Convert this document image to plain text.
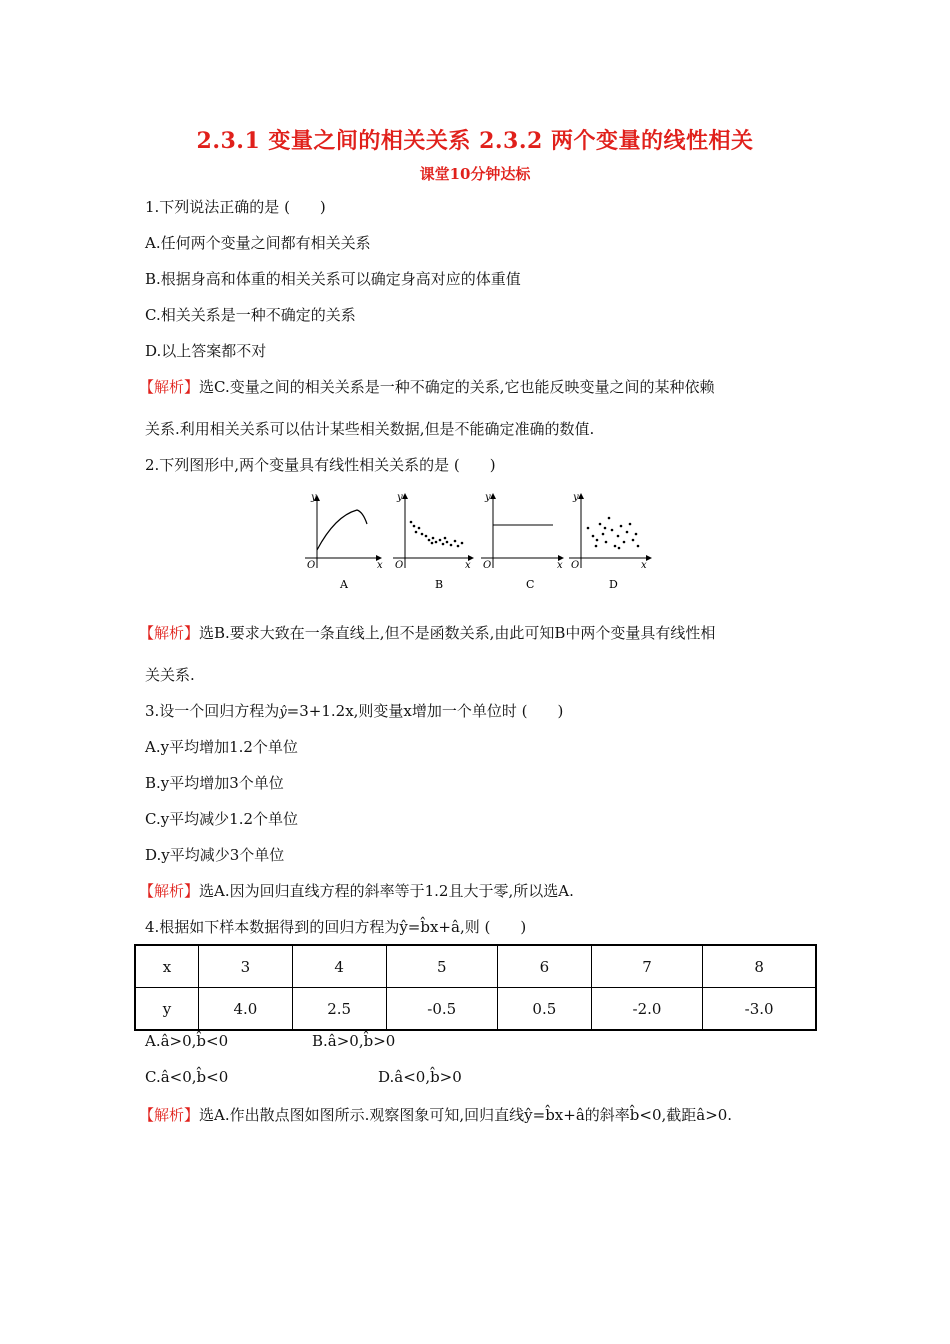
2.3.1 变量之间的相关关系 2.3.2 两个变量的线性相关
课堂10分钟达标
1.下列说法正确的是 (　　)
A.任何两个变量之间都有相关关系
B.根据身高和体重的相关关系可以确定身高对应的体重值
C.相关关系是一种不确定的关系
D.以上答案都不对
【解析】选C.变量之间的相关关系是一种不确定的关系,它也能反映变量之间的某种依赖
关系.利用相关关系可以估计某些相关数据,但是不能确定准确的数值.
2.下列图形中,两个变量具有线性相关关系的是 (　　)
y
x
O
A
y
x
O
B
y
x
O
C
y
x
O
D
【解析】选B.要求大致在一条直线上,但不是函数关系,由此可知B中两个变量具有线性相
关关系.
3.设一个回归方程为ŷ=3+1.2x,则变量x增加一个单位时 (　　)
A.y平均增加1.2个单位
B.y平均增加3个单位
C.y平均减少1.2个单位
D.y平均减少3个单位
【解析】选A.因为回归直线方程的斜率等于1.2且大于零,所以选A.
4.根据如下样本数据得到的回归方程为ŷ=b̂x+â,则 (　　)
x	3	4	5	6	7	8
y	4.0	2.5	-0.5	0.5	-2.0	-3.0
A.â>0,b̂<0	B.â>0,b̂>0
C.â<0,b̂<0	D.â<0,b̂>0
【解析】选A.作出散点图如图所示.观察图象可知,回归直线ŷ=b̂x+â的斜率b̂<0,截距â>0.
